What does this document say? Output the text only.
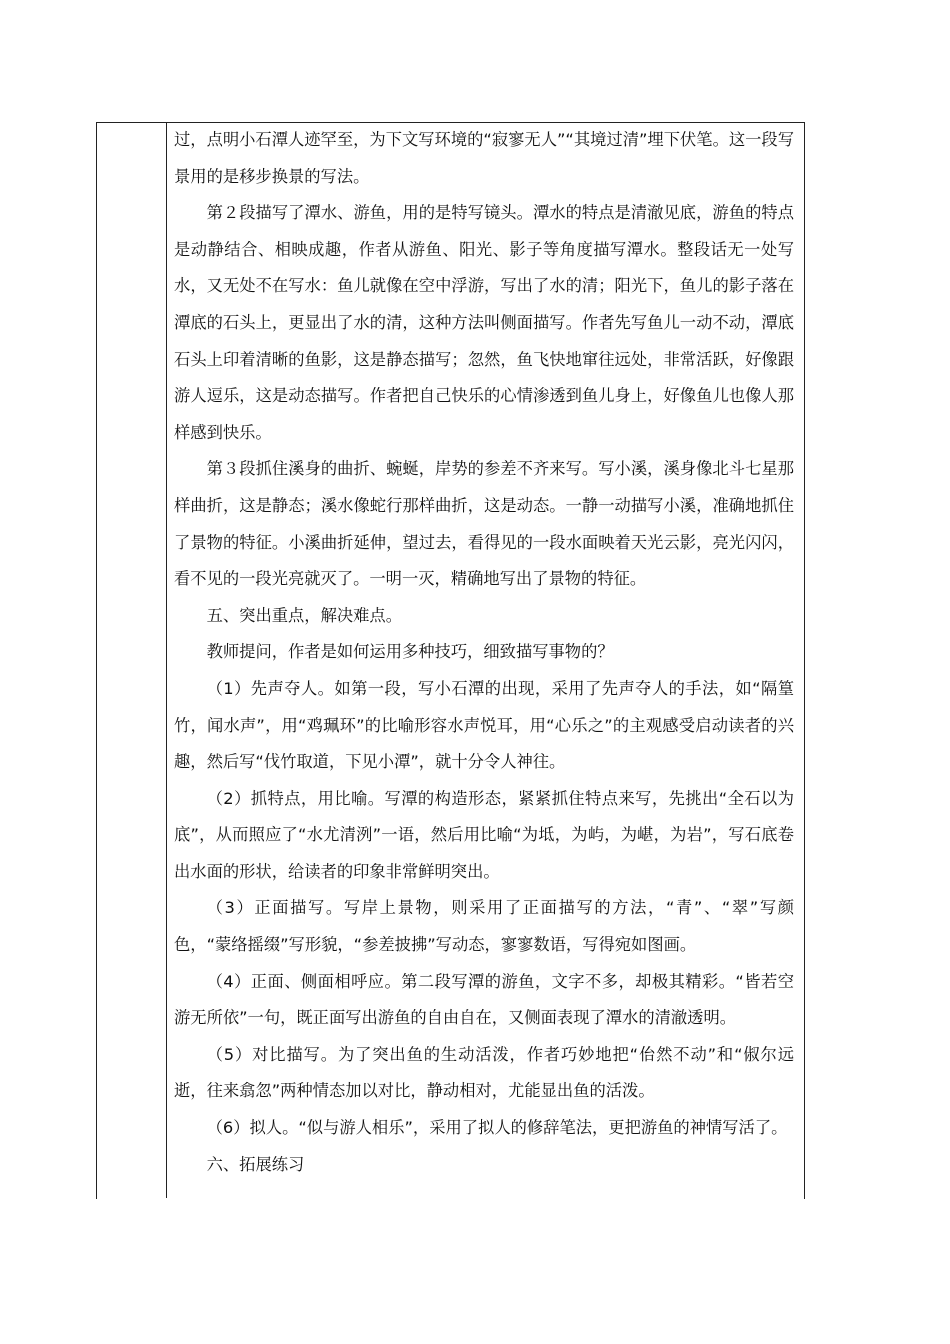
过，点明小石潭人迹罕至，为下文写环境的“寂寥无人”“其境过清”埋下伏笔。这一段写景用的是移步换景的写法。

第２段描写了潭水、游鱼，用的是特写镜头。潭水的特点是清澈见底，游鱼的特点是动静结合、相映成趣，作者从游鱼、阳光、影子等角度描写潭水。整段话无一处写水，又无处不在写水：鱼儿就像在空中浮游，写出了水的清；阳光下，鱼儿的影子落在潭底的石头上，更显出了水的清，这种方法叫侧面描写。作者先写鱼儿一动不动，潭底石头上印着清晰的鱼影，这是静态描写；忽然，鱼飞快地窜往远处，非常活跃，好像跟游人逗乐，这是动态描写。作者把自己快乐的心情渗透到鱼儿身上，好像鱼儿也像人那样感到快乐。

第３段抓住溪身的曲折、蜿蜒，岸势的参差不齐来写。写小溪，溪身像北斗七星那样曲折，这是静态；溪水像蛇行那样曲折，这是动态。一静一动描写小溪，准确地抓住了景物的特征。小溪曲折延伸，望过去，看得见的一段水面映着天光云影，亮光闪闪，看不见的一段光亮就灭了。一明一灭，精确地写出了景物的特征。

五、突出重点，解决难点。

教师提问，作者是如何运用多种技巧，细致描写事物的？

（1）先声夺人。如第一段，写小石潭的出现，采用了先声夺人的手法，如“隔篁竹，闻水声”，用“鸡珮环”的比喻形容水声悦耳，用“心乐之”的主观感受启动读者的兴趣，然后写“伐竹取道，下见小潭”，就十分令人神往。

（2）抓特点，用比喻。写潭的构造形态，紧紧抓住特点来写，先挑出“全石以为底”，从而照应了“水尤清洌”一语，然后用比喻“为坻，为屿，为嵁，为岩”，写石底卷出水面的形状，给读者的印象非常鲜明突出。

（3）正面描写。写岸上景物，则采用了正面描写的方法，“青”、“翠”写颜色，“蒙络摇缀”写形貌，“参差披拂”写动态，寥寥数语，写得宛如图画。

（4）正面、侧面相呼应。第二段写潭的游鱼，文字不多，却极其精彩。“皆若空游无所依”一句，既正面写出游鱼的自由自在，又侧面表现了潭水的清澈透明。

（5）对比描写。为了突出鱼的生动活泼，作者巧妙地把“佁然不动”和“俶尔远逝，往来翕忽”两种情态加以对比，静动相对，尤能显出鱼的活泼。

（6）拟人。“似与游人相乐”，采用了拟人的修辞笔法，更把游鱼的神情写活了。

六、拓展练习
